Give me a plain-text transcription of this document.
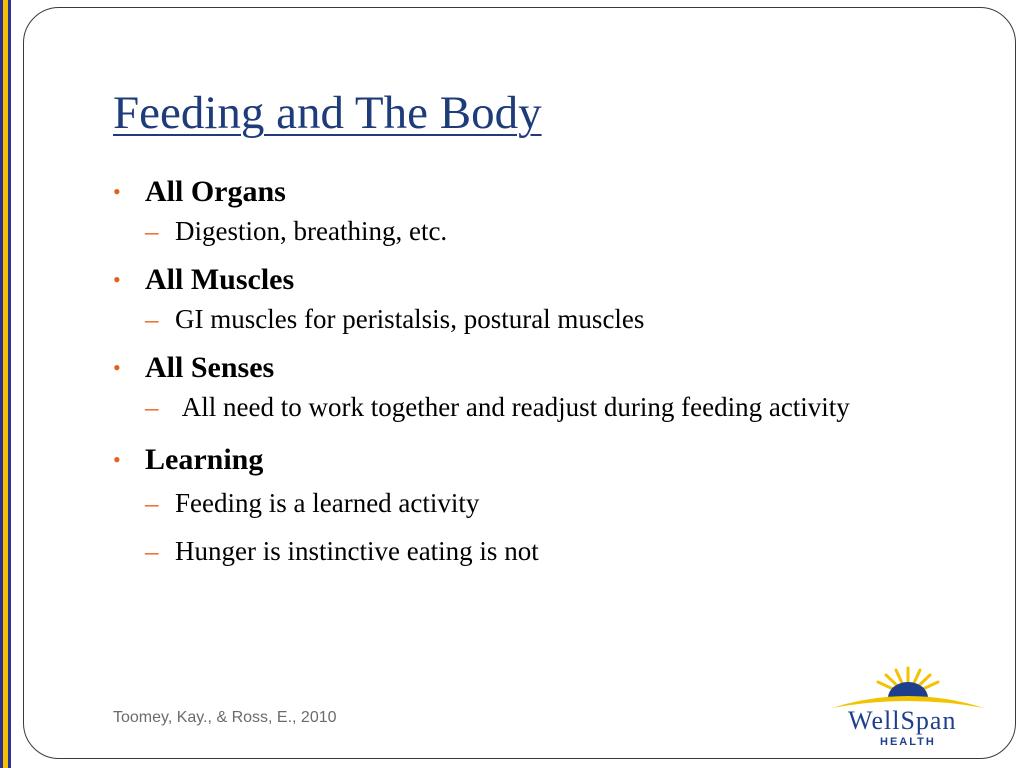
Feeding and The Body
• All Organs
– Digestion, breathing, etc.
• All Muscles
– GI muscles for peristalsis, postural muscles
• All Senses
– All need to work together and readjust during feeding activity
• Learning
– Feeding is a learned activity
– Hunger is instinctive eating is not
Toomey, Kay., & Ross, E., 2010	WellSpan
HEALTH
